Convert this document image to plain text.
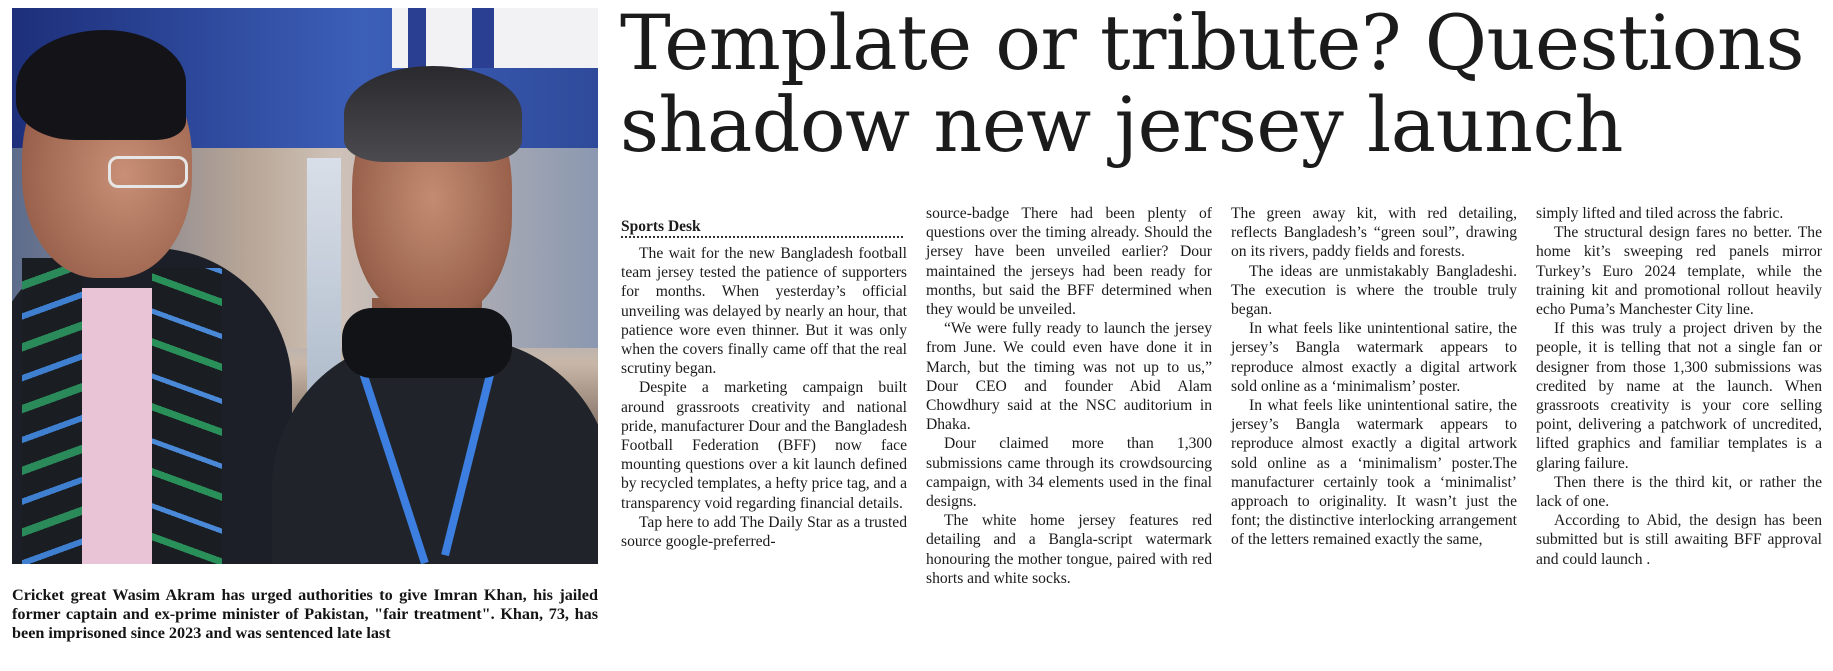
Cricket great Wasim Akram has urged authorities to give Imran Khan, his jailed former captain and ex-prime minister of Pakistan, "fair treatment". Khan, 73, has been imprisoned since 2023 and was sentenced late last
Template or tribute? Questions shadow new jersey launch
Sports Desk

The wait for the new Bangladesh football team jersey tested the patience of supporters for months. When yesterday’s official unveiling was delayed by nearly an hour, that patience wore even thinner. But it was only when the covers finally came off that the real scrutiny began.

Despite a marketing campaign built around grassroots creativity and national pride, manufacturer Dour and the Bangladesh Football Federation (BFF) now face mounting questions over a kit launch defined by recycled templates, a hefty price tag, and a transparency void regarding financial details.

Tap here to add The Daily Star as a trusted source google-preferred-

source-badge There had been plenty of questions over the timing already. Should the jersey have been unveiled earlier? Dour maintained the jerseys had been ready for months, but said the BFF determined when they would be unveiled.

“We were fully ready to launch the jersey from June. We could even have done it in March, but the timing was not up to us,” Dour CEO and founder Abid Alam Chowdhury said at the NSC auditorium in Dhaka.

Dour claimed more than 1,300 submissions came through its crowdsourcing campaign, with 34 elements used in the final designs.

The white home jersey features red detailing and a Bangla-script watermark honouring the mother tongue, paired with red shorts and white socks.

The green away kit, with red detailing, reflects Bangladesh’s “green soul”, drawing on its rivers, paddy fields and forests.

The ideas are unmistakably Bangladeshi. The execution is where the trouble truly began.

In what feels like unintentional satire, the jersey’s Bangla watermark appears to reproduce almost exactly a digital artwork sold online as a ‘minimalism’ poster.

In what feels like unintentional satire, the jersey’s Bangla watermark appears to reproduce almost exactly a digital artwork sold online as a ‘minimalism’ poster.The manufacturer certainly took a ‘minimalist’ approach to originality. It wasn’t just the font; the distinctive interlocking arrangement of the letters remained exactly the same,

simply lifted and tiled across the fabric.

The structural design fares no better. The home kit’s sweeping red panels mirror Turkey’s Euro 2024 template, while the training kit and promotional rollout heavily echo Puma’s Manchester City line.

If this was truly a project driven by the people, it is telling that not a single fan or designer from those 1,300 submissions was credited by name at the launch. When grassroots creativity is your core selling point, delivering a patchwork of uncredited, lifted graphics and familiar templates is a glaring failure.

Then there is the third kit, or rather the lack of one.

According to Abid, the design has been submitted but is still awaiting BFF approval and could launch .
